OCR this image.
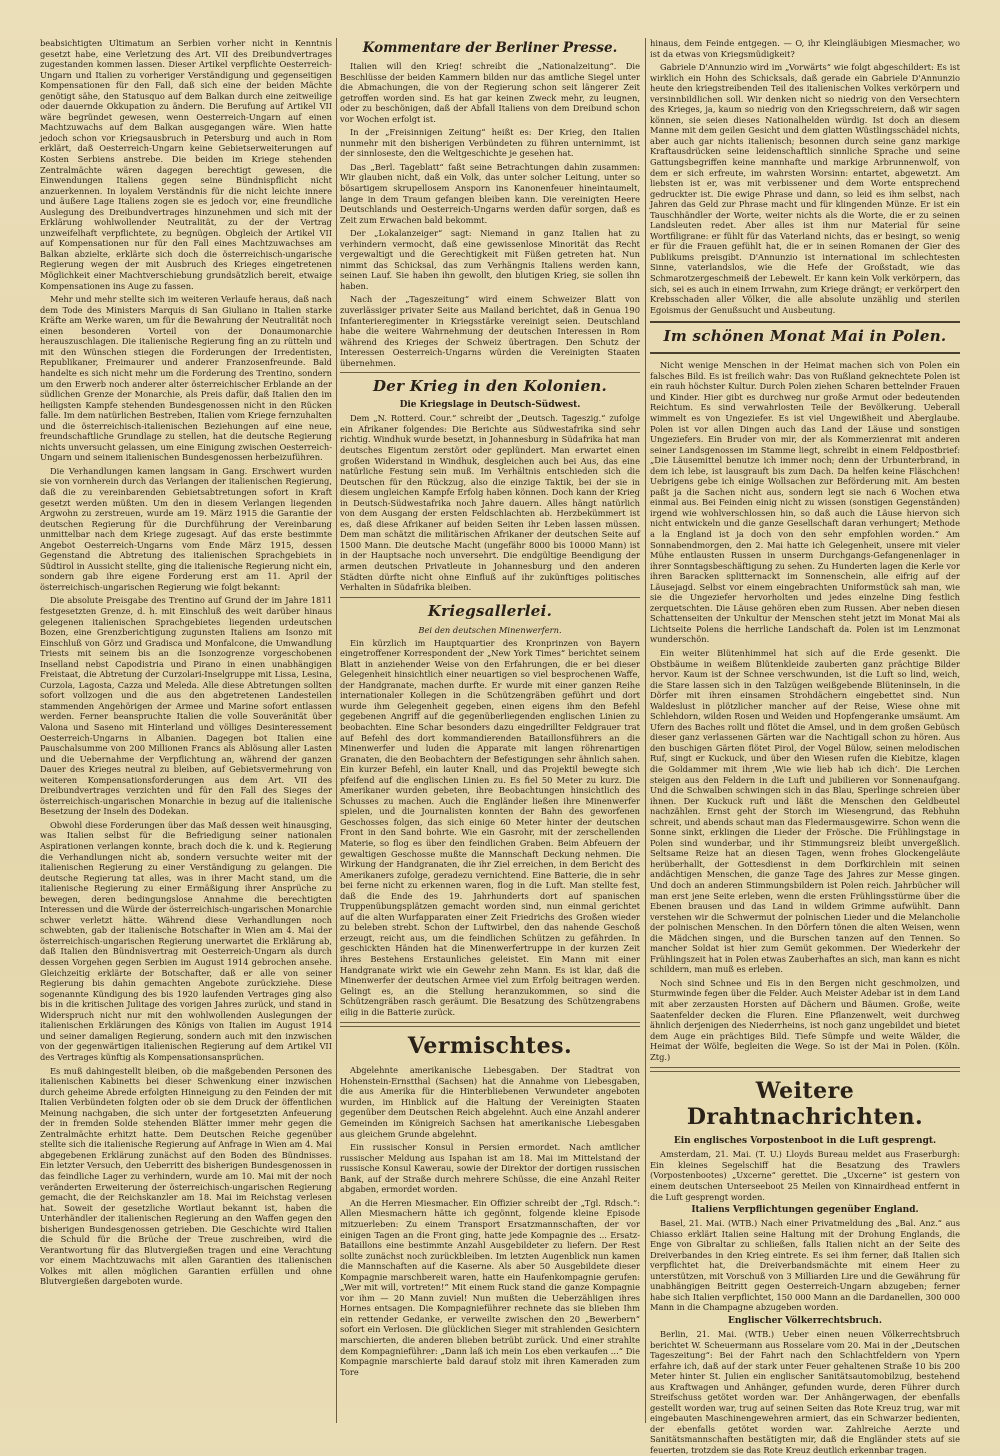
beabsichtigten Ultimatum an Serbien vorher nicht in Kenntnis gesetzt habe, eine Verletzung des Art. VII des Dreibundvertrages zugestanden kommen lassen. Dieser Artikel verpflichte Oesterreich-Ungarn und Italien zu vorheriger Verständigung und gegenseitigen Kompensationen für den Fall, daß sich eine der beiden Mächte genötigt sähe, den Statusquo auf dem Balkan durch eine zeitweilige oder dauernde Okkupation zu ändern. Die Berufung auf Artikel VII wäre begründet gewesen, wenn Oesterreich-Ungarn auf einen Machtzuwachs auf dem Balkan ausgegangen wäre. Wien hatte jedoch schon vor Kriegsausbruch in Petersburg und auch in Rom erklärt, daß Oesterreich-Ungarn keine Gebietserweiterungen auf Kosten Serbiens anstrebe. Die beiden im Kriege stehenden Zentralmächte wären dagegen berechtigt gewesen, die Einwendungen Italiens gegen seine Bündnispflicht nicht anzuerkennen. In loyalem Verständnis für die nicht leichte innere und äußere Lage Italiens zogen sie es jedoch vor, eine freundliche Auslegung des Dreibundvertrages hinzunehmen und sich mit der Erklärung wohlwollender Neutralität, zu der der Vertrag unzweifelhaft verpflichtete, zu begnügen. Obgleich der Artikel VII auf Kompensationen nur für den Fall eines Machtzuwachses am Balkan abzielte, erklärte sich doch die österreichisch-ungarische Regierung wegen der mit Ausbruch des Krieges eingetretenen Möglichkeit einer Machtverschiebung grundsätzlich bereit, etwaige Kompensationen ins Auge zu fassen.

Mehr und mehr stellte sich im weiteren Verlaufe heraus, daß nach dem Tode des Ministers Marquis di San Giuliano in Italien starke Kräfte am Werke waren, um für die Bewahrung der Neutralität noch einen besonderen Vorteil von der Donaumonarchie herauszuschlagen. Die italienische Regierung fing an zu rütteln und mit den Wünschen stiegen die Forderungen der Irredentisten, Republikaner, Freimaurer und anderer Franzosenfreunde. Bald handelte es sich nicht mehr um die Forderung des Trentino, sondern um den Erwerb noch anderer alter österreichischer Erblande an der südlichen Grenze der Monarchie, als Preis dafür, daß Italien den im heiligsten Kampfe stehenden Bundesgenossen nicht in den Rücken falle. Im dem natürlichen Bestreben, Italien vom Kriege fernzuhalten und die österreichisch-italienischen Beziehungen auf eine neue, freundschaftliche Grundlage zu stellen, hat die deutsche Regierung nichts unversucht gelassen, um eine Einigung zwischen Oesterreich-Ungarn und seinem italienischen Bundesgenossen herbeizuführen.

Die Verhandlungen kamen langsam in Gang. Erschwert wurden sie von vornherein durch das Verlangen der italienischen Regierung, daß die zu vereinbarenden Gebietsabtretungen sofort in Kraft gesetzt werden müßten. Um den in diesem Verlangen liegenden Argwohn zu zerstreuen, wurde am 19. März 1915 die Garantie der deutschen Regierung für die Durchführung der Vereinbarung unmittelbar nach dem Kriege zugesagt. Auf das erste bestimmte Angebot Oesterreich-Ungarns vom Ende März 1915, dessen Gegenstand die Abtretung des italienischen Sprachgebiets in Südtirol in Aussicht stellte, ging die italienische Regierung nicht ein, sondern gab ihre eigene Forderung erst am 11. April der österreichisch-ungarischen Regierung wie folgt bekannt:

Die absolute Preisgabe des Trentino auf Grund der im Jahre 1811 festgesetzten Grenze, d. h. mit Einschluß des weit darüber hinaus gelegenen italienischen Sprachgebietes liegenden urdeutschen Bozen, eine Grenzberichtigung zugunsten Italiens am Isonzo mit Einschluß von Görz und Gradisca und Monfalcone, die Umwandlung Triests mit seinem bis an die Isonzogrenze vorgeschobenen Inselland nebst Capodistria und Pirano in einen unabhängigen Freistaat, die Abtretung der Curzolari-Inselgruppe mit Lissa, Lesina, Curzola, Lagosta, Cazza und Meleda. Alle diese Abtretungen sollten sofort vollzogen und die aus den abgetretenen Landesteilen stammenden Angehörigen der Armee und Marine sofort entlassen werden. Ferner beanspruchte Italien die volle Souveränität über Valona und Saseno mit Hinterland und völliges Desinteressement Oesterreich-Ungarns in Albanien. Dagegen bot Italien eine Pauschalsumme von 200 Millionen Francs als Ablösung aller Lasten und die Uebernahme der Verpflichtung an, während der ganzen Dauer des Krieges neutral zu bleiben, auf Gebietsvermehrung von weiteren Kompensationsforderungen aus dem Art. VII des Dreibundvertrages verzichten und für den Fall des Sieges der österreichisch-ungarischen Monarchie in bezug auf die italienische Besetzung der Inseln des Dodekan.

Obwohl diese Forderungen über das Maß dessen weit hinausging, was Italien selbst für die Befriedigung seiner nationalen Aspirationen verlangen konnte, brach doch die k. und k. Regierung die Verhandlungen nicht ab, sondern versuchte weiter mit der italienischen Regierung zu einer Verständigung zu gelangen. Die deutsche Regierung tat alles, was in ihrer Macht stand, um die italienische Regierung zu einer Ermäßigung ihrer Ansprüche zu bewegen, deren bedingungslose Annahme die berechtigten Interessen und die Würde der österreichisch-ungarischen Monarchie schwer verletzt hätte. Während diese Verhandlungen noch schwebten, gab der italienische Botschafter in Wien am 4. Mai der österreichisch-ungarischen Regierung unerwartet die Erklärung ab, daß Italien den Bündnisvertrag mit Oesterreich-Ungarn als durch dessen Vorgehen gegen Serbien im August 1914 gebrochen ansehe. Gleichzeitig erklärte der Botschafter, daß er alle von seiner Regierung bis dahin gemachten Angebote zurückziehe. Diese sogenannte Kündigung des bis 1920 laufenden Vertrages ging also bis in die kritischen Julitage des vorigen Jahres zurück, und stand in Widerspruch nicht nur mit den wohlwollenden Auslegungen der italienischen Erklärungen des Königs von Italien im August 1914 und seiner damaligen Regierung, sondern auch mit den inzwischen von der gegenwärtigen italienischen Regierung auf dem Artikel VII des Vertrages künftig als Kompensationsansprüchen.

Es muß dahingestellt bleiben, ob die maßgebenden Personen des italienischen Kabinetts bei dieser Schwenkung einer inzwischen durch geheime Abrede erfolgten Hinneigung zu den Feinden der mit Italien Verbündeten folgten oder ob sie dem Druck der öffentlichen Meinung nachgaben, die sich unter der fortgesetzten Anfeuerung der in fremden Solde stehenden Blätter immer mehr gegen die Zentralmächte erhitzt hatte. Dem Deutschen Reiche gegenüber stellte sich die italienische Regierung auf Anfrage in Wien am 4. Mai abgegebenen Erklärung zunächst auf den Boden des Bündnisses. Ein letzter Versuch, den Ueberritt des bisherigen Bundesgenossen in das feindliche Lager zu verhindern, wurde am 10. Mai mit der noch veränderten Erweiterung der österreichisch-ungarischen Regierung gemacht, die der Reichskanzler am 18. Mai im Reichstag verlesen hat. Soweit der gesetzliche Wortlaut bekannt ist, haben die Unterhändler der italienischen Regierung an den Waffen gegen den bisherigen Bundesgenossen getrieben. Die Geschichte wird Italien die Schuld für die Brüche der Treue zuschreiben, wird die Verantwortung für das Blutvergießen tragen und eine Verachtung vor einem Machtzuwachs mit allen Garantien des italienischen Volkes mit allen möglichen Garantien erfüllen und ohne Blutvergießen dargeboten wurde.

Kommentare der Berliner Presse.

Italien will den Krieg! schreibt die „Nationalzeitung“. Die Beschlüsse der beiden Kammern bilden nur das amtliche Siegel unter die Abmachungen, die von der Regierung schon seit längerer Zeit getroffen worden sind. Es hat gar keinen Zweck mehr, zu leugnen, oder zu beschönigen, daß der Abfall Italiens von dem Dreibund schon vor Wochen erfolgt ist.

In der „Freisinnigen Zeitung“ heißt es: Der Krieg, den Italien nunmehr mit den bisherigen Verbündeten zu führen unternimmt, ist der sinnloseste, den die Weltgeschichte je gesehen hat.

Das „Berl. Tageblatt“ faßt seine Betrachtungen dahin zusammen: Wir glauben nicht, daß ein Volk, das unter solcher Leitung, unter so bösartigem skrupellosem Ansporn ins Kanonenfeuer hineintaumelt, lange in dem Traum gefangen bleiben kann. Die vereinigten Heere Deutschlands und Oesterreich-Ungarns werden dafür sorgen, daß es Zeit zum Erwachen bald bekommt.

Der „Lokalanzeiger“ sagt: Niemand in ganz Italien hat zu verhindern vermocht, daß eine gewissenlose Minorität das Recht vergewaltigt und die Gerechtigkeit mit Füßen getreten hat. Nun nimmt das Schicksal, das zum Verhängnis Italiens werden kann, seinen Lauf. Sie haben ihn gewollt, den blutigen Krieg, sie sollen ihn haben.

Nach der „Tageszeitung“ wird einem Schweizer Blatt von zuverlässiger privater Seite aus Mailand berichtet, daß in Genua 190 Infanterieregimenter in Kriegsstärke vereinigt seien. Deutschland habe die weitere Wahrnehmung der deutschen Interessen in Rom während des Krieges der Schweiz übertragen. Den Schutz der Interessen Oesterreich-Ungarns würden die Vereinigten Staaten übernehmen.

Der Krieg in den Kolonien.
Die Kriegslage in Deutsch-Südwest.

Dem „N. Rotterd. Cour.“ schreibt der „Deutsch. Tageszig.“ zufolge ein Afrikaner folgendes: Die Berichte aus Südwestafrika sind sehr richtig. Windhuk wurde besetzt, in Johannesburg in Südafrika hat man deutsches Eigentum zerstört oder geplündert. Man erwartet einen großen Widerstand in Windhuk, desgleichen auch bei Aus, das eine natürliche Festung sein muß. Im Verhältnis entschieden sich die Deutschen für den Rückzug, also die einzige Taktik, bei der sie in diesem ungleichen Kampfe Erfolg haben können. Doch kann der Krieg in Deutsch-Südwestafrika noch Jahre dauern. Alles hängt natürlich von dem Ausgang der ersten Feldschlachten ab. Herzbekümmert ist es, daß diese Afrikaner auf beiden Seiten ihr Leben lassen müssen. Dem man schätzt die militärischen Afrikaner der deutschen Seite auf 1500 Mann. Die deutsche Macht (ungefähr 8000 bis 10000 Mann) ist in der Hauptsache noch unversehrt. Die endgültige Beendigung der armen deutschen Privatleute in Johannesburg und den anderen Städten dürfte nicht ohne Einfluß auf ihr zukünftiges politisches Verhalten in Südafrika bleiben.

Kriegsallerlei.
Bei den deutschen Minenwerfern.

Ein kürzlich im Hauptquartier des Kronprinzen von Bayern eingetroffener Korrespondent der „New York Times“ berichtet seinem Blatt in anziehender Weise von den Erfahrungen, die er bei dieser Gelegenheit hinsichtlich einer neuartigen so viel besprochenen Waffe, der Handgranate, machen durfte. Er wurde mit einer ganzen Reihe internationaler Kollegen in die Schützengräben geführt und dort wurde ihm Gelegenheit gegeben, einen eigens ihm den Befehl gegebenen Angriff auf die gegenüberliegenden englischen Linien zu beobachten. Eine Schar besonders dazu eingedrillter Feldgrauer trat auf Befehl des dort kommandierenden Bataillonsführers an die Minenwerfer und luden die Apparate mit langen röhrenartigen Granaten, die den Beobachtern der Befestigungen sehr ähnlich sahen. Ein kurzer Befehl, ein lauter Knall, und das Projektil bewegte sich pfeifend auf die englischen Linien zu. Es fiel 50 Meter zu kurz. Die Amerikaner wurden gebeten, ihre Beobachtungen hinsichtlich des Schusses zu machen. Auch die Engländer ließen ihre Minenwerfer spielen, und die Journalisten konnten der Bahn des geworfenen Geschosses folgen, das sich einige 60 Meter hinter der deutschen Front in den Sand bohrte. Wie ein Gasrohr, mit der zerschellenden Materie, so flog es über den feindlichen Graben. Beim Abfeuern der gewaltigen Geschosse mußte die Mannschaft Deckung nehmen. Die Wirkung der Handgranaten, die ihr Ziel erreichen, in dem Bericht des Amerikaners zufolge, geradezu vernichtend. Eine Batterie, die in sehr bei ferne nicht zu erkennen waren, flog in die Luft. Man stellte fest, daß die Ende des 19. Jahrhunderts dort auf spanischen Truppenübungsplätzen gemacht worden sind, nun einmal gerichtet auf die alten Wurfapparaten einer Zeit Friedrichs des Großen wieder zu beleben strebt. Schon der Luftwirbel, den das nahende Geschoß erzeugt, reicht aus, um die feindlichen Schützen zu gefährden. In geschickten Händen hat die Minenwerfertruppe in der kurzen Zeit ihres Bestehens Erstaunliches geleistet. Ein Mann mit einer Handgranate wirkt wie ein Gewehr zehn Mann. Es ist klar, daß die Minenwerfer der deutschen Armee viel zum Erfolg beitragen werden. Gelingt es, an die Stellung heranzukommen, so sind die Schützengräben rasch geräumt. Die Besatzung des Schützengrabens eilig in die Batterie zurück.

Vermischtes.

Abgelehnte amerikanische Liebesgaben. Der Stadtrat von Hohenstein-Ernstthal (Sachsen) hat die Annahme von Liebesgaben, die aus Amerika für die Hinterbliebenen Verwundeter angeboten wurden, im Hinblick auf die Haltung der Vereinigten Staaten gegenüber dem Deutschen Reich abgelehnt. Auch eine Anzahl anderer Gemeinden im Königreich Sachsen hat amerikanische Liebesgaben aus gleichem Grunde abgelehnt.

Ein russischer Konsul in Persien ermordet. Nach amtlicher russischer Meldung aus Ispahan ist am 18. Mai im Mittelstand der russische Konsul Kawerau, sowie der Direktor der dortigen russischen Bank, auf der Straße durch mehrere Schüsse, die eine Anzahl Reiter abgaben, ermordet worden.

An die Herren Miesmacher. Ein Offizier schreibt der „Tgl. Rdsch.“: Allen Miesmachern hätte ich gegönnt, folgende kleine Episode mitzuerleben: Zu einem Transport Ersatzmannschaften, der vor einigen Tagen an die Front ging, hatte jede Kompagnie des ... Ersatz-Bataillons eine bestimmte Anzahl Ausgebildeter zu liefern. Der Rest sollte zunächst noch zurückbleiben. Im letzten Augenblick nun kamen die Mannschaften auf die Kaserne. Als aber 50 Ausgebildete dieser Kompagnie marschbereit waren, hatte ein Haufenkompagnie gerufen: „Wer mit will, vortreten!“ Mit einem Ruck stand die ganze Kompagnie vor ihm — 20 Mann zuviel! Nun mußten die Ueberzähligen ihres Hornes entsagen. Die Kompagnieführer rechnete das sie blieben Ihm ein rettender Gedanke, er verweilte zwischen den 20 „Bewerbern“ sofort ein Verlosen. Die glücklichen Sieger mit strahlenden Gesichtern marschierten, die anderen blieben betrübt zurück. Und einer strahlte dem Kompagnieführer: „Dann laß ich mein Los eben verkaufen ...“ Die Kompagnie marschierte bald darauf stolz mit ihren Kameraden zum Tore

hinaus, dem Feinde entgegen. — O, ihr Kleingläubigen Miesmacher, wo ist da etwas von Kriegsmüdigkeit?

Gabriele D'Annunzio wird im „Vorwärts“ wie folgt abgeschildert: Es ist wirklich ein Hohn des Schicksals, daß gerade ein Gabriele D'Annunzio heute den kriegstreibenden Teil des italienischen Volkes verkörpern und versinnbildlichen soll. Wir denken nicht so niedrig von den Versechtern des Krieges, ja, kaum so niedrig von den Kriegsschreiern, daß wir sagen können, sie seien dieses Nationalhelden würdig. Ist doch an diesem Manne mit dem geilen Gesicht und dem glatten Wüstlingsschädel nichts, aber auch gar nichts italienisch; besonnen durch seine ganz markige Kraftausdrücken seine leidenschaftlich sinnliche Sprache und seine Gattungsbegriffen keine mannhafte und markige Arbrunnenwolf, von dem er sich erfreute, im wahrsten Worsinn: entartet, abgewetzt. Am liebsten ist er, was mit verbissener und dem Worte entsprechend gedruckter ist. Die ewige Phrase und dann, so leid es ihm selbst, nach Jahren das Geld zur Phrase macht und für klingenden Münze. Er ist ein Tauschhändler der Worte, weiter nichts als die Worte, die er zu seinen Landsleuten redet. Aber alles ist ihm nur Material für seine Wortfiligrane: er fühlt für das Vaterland nichts, das er besingt, so wenig er für die Frauen gefühlt hat, die er in seinen Romanen der Gier des Publikums preisgibt. D'Annunzio ist international im schlechtesten Sinne, vaterlandslos, wie die Hefe der Großstadt, wie das Schmarotzergeschmeiß der Lebewelt. Er kann kein Volk verkörpern, das sich, sei es auch in einem Irrwahn, zum Kriege drängt; er verkörpert den Krebsschaden aller Völker, die alle absolute unzählig und sterilen Egoismus der Genußsucht und Ausbeutung.

Im schönen Monat Mai in Polen.

Nicht wenige Menschen in der Heimat machen sich von Polen ein falsches Bild. Es ist freilich wahr: Das von Rußland geknechtete Polen ist ein rauh höchster Kultur. Durch Polen ziehen Scharen bettelnder Frauen und Kinder. Hier gibt es durchweg nur große Armut oder bedeutenden Reichtum. Es sind verwahrlosten Teile der Bevölkerung. Ueberall wimmelt es von Ungeziefer. Es ist viel Ungewißheit und Aberglaube. Polen ist vor allen Dingen auch das Land der Läuse und sonstigen Ungeziefers. Ein Bruder von mir, der als Kommerzienrat mit anderen seiner Landsgenossen im Stamme liegt, schreibt in einem Feldpostbrief: „Die Läusemittel benutze ich immer noch; denn der Urbunterbrand, in dem ich lebe, ist lausgrauft bis zum Dach. Da helfen keine Fläschchen! Uebrigens gebe ich einige Wollsachen zur Beförderung mit. Am besten paßt ja die Sachen nicht aus, sondern legt sie nach 6 Wochen etwa einmal aus. Bei Feinden einig nicht zu wissen (sonstigen Gegenständen) irgend wie wohlverschlossen hin, so daß auch die Läuse hiervon sich nicht entwickeln und die ganze Gesellschaft daran verhungert; Methode a la England ist ja doch von den sehr empfohlen worden.“ Am Sonnabendmorgen, den 2. Mai hatte ich Gelegenheit, unsere mit vieler Mühe entlausten Russen in unserm Durchgangs-Gefangenenlager in ihrer Sonntagsbeschäftigung zu sehen. Zu Hunderten lagen die Kerle vor ihren Baracken splitternackt im Sonnenschein, alle eifrig auf der Läusejagd. Selbst vor einem eingebrachten Uniformstück sah man, wie sie die Ungeziefer hervorholten und jedes einzelne Ding festlich zerquetschten. Die Läuse gehören eben zum Russen. Aber neben diesen Schattenseiten der Unkultur der Menschen steht jetzt im Monat Mai als Lichtseite Polens die herrliche Landschaft da. Polen ist im Lenzmonat wunderschön.

Ein weiter Blütenhimmel hat sich auf die Erde gesenkt. Die Obstbäume in weißem Blütenkleide zauberten ganz prächtige Bilder hervor. Kaum ist der Schnee verschwunden, ist die Luft so lind, weich, die Stare lassen sich in den Talzügen weißgebende Blüteninseln, in die Dörfer mit ihren einsamen Strohdächern eingebettet sind. Nun Waldeslust in plötzlicher mancher auf der Reise, Wiese ohne mit Schlehdorn, wilden Rosen und Weiden und Hopfengeranke umsäumt. Am Ufern des Baches rollt und flötet die Amsel, und in dem großen Gebüsch dieser ganz verlassenen Gärten war die Nachtigall schon zu hören. Aus den buschigen Gärten flötet Pirol, der Vogel Bülow, seinen melodischen Ruf, singt er Kuckuck, und über den Wiesen rufen die Kiebitze, klagen die Goldammer mit ihrem ‚Wie wie lieb hab ich dich‘. Die Lerchen steigen aus den Feldern in die Luft und jubilieren vor Sonnenaufgang. Und die Schwalben schwingen sich in das Blau, Sperlinge schreien über ihnen. Der Kuckuck ruft und läßt die Menschen den Geldbeutel nachzählen. Ernst geht der Storch im Wiesengrund, das Rebhuhn schreit, und abends schaut man das Fledermausgewirre. Schon wenn die Sonne sinkt, erklingen die Lieder der Frösche. Die Frühlingstage in Polen sind wunderbar, und ihr Stimmungsreiz bleibt unvergeßlich. Seltsame Reize hat an diesen Tagen, wenn frohes Glockengeläute herüberhallt, der Gottesdienst in dem Dorfkirchlein mit seinen andächtigen Menschen, die ganze Tage des Jahres zur Messe gingen. Und doch an anderen Stimmungsbildern ist Polen reich. Jahrbücher will man erst jene Seite erleben, wenn die ersten Frühlingsstürme über die Ebenen brausen und das Land in wildem Grimme aufwühlt. Dann verstehen wir die Schwermut der polnischen Lieder und die Melancholie der polnischen Menschen. In den Dörfern tönen die alten Weisen, wenn die Mädchen singen, und die Burschen tanzen auf den Tennen. So mancher Soldat ist hier zum Gemüt gekommen. Der Wiederkehr der Frühlingszeit hat in Polen etwas Zauberhaftes an sich, man kann es nicht schildern, man muß es erleben.

Noch sind Schnee und Eis in den Bergen nicht geschmolzen, und Sturmwinde fegen über die Felder. Auch Meister Adebar ist in dem Land mit aber zerzausten Horsten auf Dächern und Bäumen. Große, weite Saatenfelder decken die Fluren. Eine Pflanzenwelt, weit durchweg ähnlich derjenigen des Niederrheins, ist noch ganz ungebildet und bietet dem Auge ein prächtiges Bild. Tiefe Sümpfe und weite Wälder, die Heimat der Wölfe, begleiten die Wege. So ist der Mai in Polen. (Köln. Ztg.)

Weitere Drahtnachrichten.
Ein englisches Vorpostenboot in die Luft gesprengt.

Amsterdam, 21. Mai. (T. U.) Lloyds Bureau meldet aus Fraserburgh: Ein kleines Segelschiff hat die Besatzung des Trawlers (Vorpostenbootes) „Uxcerne“ gerettet. Die „Uxcerne“ ist gestern von einem deutschen Unterseeboot 25 Meilen von Kinnairdhead entfernt in die Luft gesprengt worden.

Italiens Verpflichtungen gegenüber England.

Basel, 21. Mai. (WTB.) Nach einer Privatmeldung des „Bal. Anz.“ aus Chiasso erklärt Italien seine Haltung mit der Drohung Englands, die Enge von Gibraltar zu schließen, falls Italien nicht an der Seite des Dreiverbandes in den Krieg eintrete. Es sei ihm ferner, daß Italien sich verpflichtet hat, die Dreiverbandsmächte mit einem Heer zu unterstützen, mit Vorschuß von 3 Milliarden Lire und die Gewährung für unabhängigen Beitritt gegen Oesterreich-Ungarn abzugeben; ferner habe sich Italien verpflichtet, 150 000 Mann an die Dardanellen, 300 000 Mann in die Champagne abzugeben worden.

Englischer Völkerrechtsbruch.

Berlin, 21. Mai. (WTB.) Ueber einen neuen Völkerrechtsbruch berichtet W. Scheuermann aus Rosselare vom 20. Mai in der „Deutschen Tageszeitung“: Bei der Fahrt nach den Schlachtfeldern von Ypern erfahre ich, daß auf der stark unter Feuer gehaltenen Straße 10 bis 200 Meter hinter St. Julien ein englischer Sanitätsautomobilzug, bestehend aus Kraftwagen und Anhänger, gefunden wurde, deren Führer durch Streifschuss getötet worden war. Der Anhängerwagen, der ebenfalls gestellt worden war, trug auf seinen Seiten das Rote Kreuz trug, war mit eingebauten Maschinengewehren armiert, das ein Schwarzer bedienten, der ebenfalls getötet worden war. Zahlreiche Aerzte und Sanitätsmannschaften bestätigten mir, daß die Engländer stets auf sie feuerten, trotzdem sie das Rote Kreuz deutlich erkennbar tragen.
